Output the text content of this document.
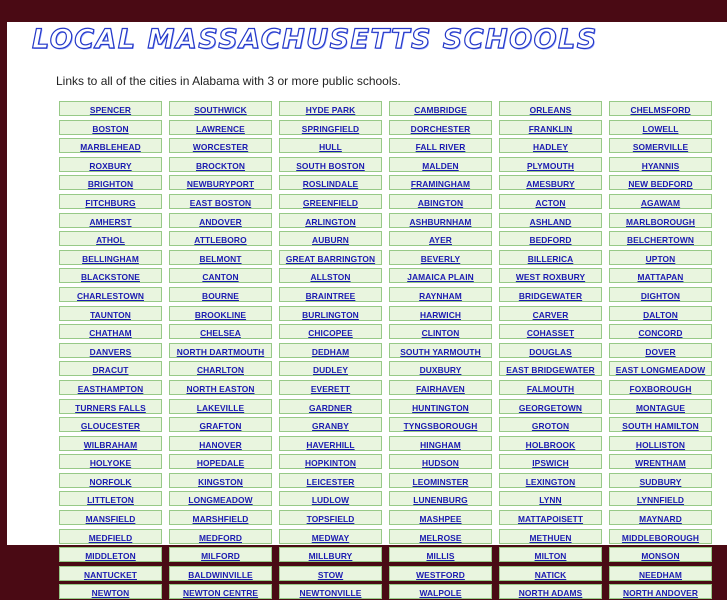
LOCAL MASSACHUSETTS SCHOOLS
Links to all of the cities in Alabama with 3 or more public schools.
SPENCER	SOUTHWICK	HYDE PARK	CAMBRIDGE	ORLEANS	CHELMSFORD
BOSTON	LAWRENCE	SPRINGFIELD	DORCHESTER	FRANKLIN	LOWELL
MARBLEHEAD	WORCESTER	HULL	FALL RIVER	HADLEY	SOMERVILLE
ROXBURY	BROCKTON	SOUTH BOSTON	MALDEN	PLYMOUTH	HYANNIS
BRIGHTON	NEWBURYPORT	ROSLINDALE	FRAMINGHAM	AMESBURY	NEW BEDFORD
FITCHBURG	EAST BOSTON	GREENFIELD	ABINGTON	ACTON	AGAWAM
AMHERST	ANDOVER	ARLINGTON	ASHBURNHAM	ASHLAND	MARLBOROUGH
ATHOL	ATTLEBORO	AUBURN	AYER	BEDFORD	BELCHERTOWN
BELLINGHAM	BELMONT	GREAT BARRINGTON	BEVERLY	BILLERICA	UPTON
BLACKSTONE	CANTON	ALLSTON	JAMAICA PLAIN	WEST ROXBURY	MATTAPAN
CHARLESTOWN	BOURNE	BRAINTREE	RAYNHAM	BRIDGEWATER	DIGHTON
TAUNTON	BROOKLINE	BURLINGTON	HARWICH	CARVER	DALTON
CHATHAM	CHELSEA	CHICOPEE	CLINTON	COHASSET	CONCORD
DANVERS	NORTH DARTMOUTH	DEDHAM	SOUTH YARMOUTH	DOUGLAS	DOVER
DRACUT	CHARLTON	DUDLEY	DUXBURY	EAST BRIDGEWATER	EAST LONGMEADOW
EASTHAMPTON	NORTH EASTON	EVERETT	FAIRHAVEN	FALMOUTH	FOXBOROUGH
TURNERS FALLS	LAKEVILLE	GARDNER	HUNTINGTON	GEORGETOWN	MONTAGUE
GLOUCESTER	GRAFTON	GRANBY	TYNGSBOROUGH	GROTON	SOUTH HAMILTON
WILBRAHAM	HANOVER	HAVERHILL	HINGHAM	HOLBROOK	HOLLISTON
HOLYOKE	HOPEDALE	HOPKINTON	HUDSON	IPSWICH	WRENTHAM
NORFOLK	KINGSTON	LEICESTER	LEOMINSTER	LEXINGTON	SUDBURY
LITTLETON	LONGMEADOW	LUDLOW	LUNENBURG	LYNN	LYNNFIELD
MANSFIELD	MARSHFIELD	TOPSFIELD	MASHPEE	MATTAPOISETT	MAYNARD
MEDFIELD	MEDFORD	MEDWAY	MELROSE	METHUEN	MIDDLEBOROUGH
MIDDLETON	MILFORD	MILLBURY	MILLIS	MILTON	MONSON
NANTUCKET	BALDWINVILLE	STOW	WESTFORD	NATICK	NEEDHAM
NEWTON	NEWTON CENTRE	NEWTONVILLE	WALPOLE	NORTH ADAMS	NORTH ANDOVER
